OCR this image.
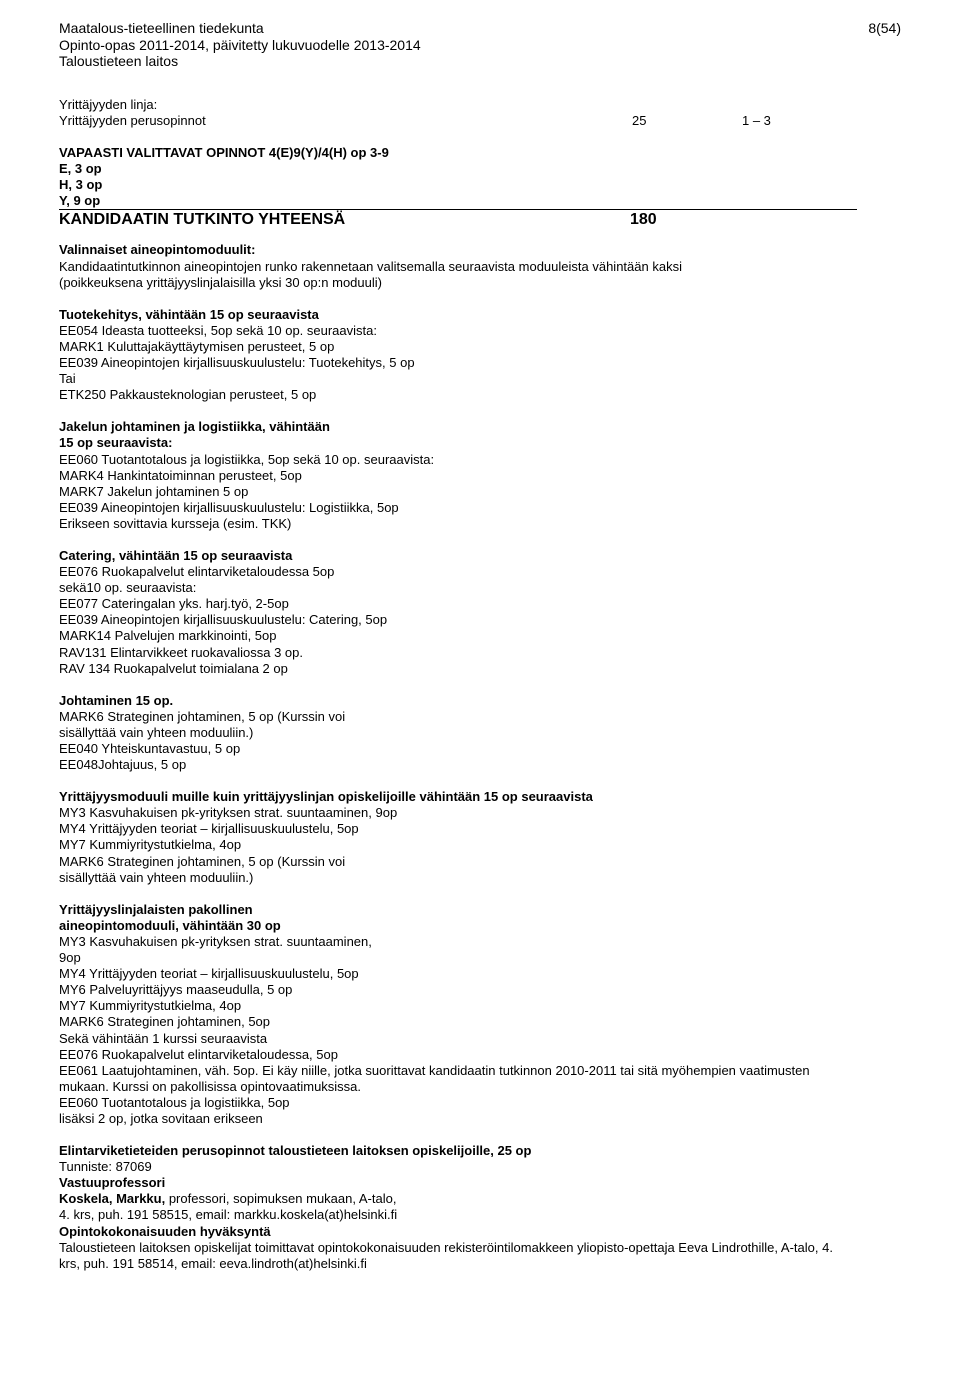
Maatalous-tieteellinen tiedekunta
Opinto-opas 2011-2014, päivitetty lukuvuodelle 2013-2014
Taloustieteen laitos
8(54)
Yrittäjyyden linja:
Yrittäjyyden perusopinnot	25	1 – 3
VAPAASTI VALITTAVAT OPINNOT 4(E)9(Y)/4(H) op 3-9
E, 3 op
H, 3 op
Y, 9 op
KANDIDAATIN TUTKINTO YHTEENSÄ	180
Valinnaiset aineopintomoduulit:
Kandidaatintutkinnon aineopintojen runko rakennetaan valitsemalla seuraavista moduuleista vähintään kaksi
(poikkeuksena yrittäjyyslinjalaisilla yksi 30 op:n moduuli)
Tuotekehitys, vähintään 15 op seuraavista
EE054 Ideasta tuotteeksi, 5op sekä 10 op. seuraavista:
MARK1 Kuluttajakäyttäytymisen perusteet, 5 op
EE039 Aineopintojen kirjallisuuskuulustelu: Tuotekehitys, 5 op
Tai
ETK250 Pakkausteknologian perusteet, 5 op
Jakelun johtaminen ja logistiikka, vähintään
15 op seuraavista:
EE060 Tuotantotalous ja logistiikka, 5op sekä 10 op. seuraavista:
MARK4 Hankintatoiminnan perusteet, 5op
MARK7 Jakelun johtaminen 5 op
EE039 Aineopintojen kirjallisuuskuulustelu: Logistiikka, 5op
Erikseen sovittavia kursseja (esim. TKK)
Catering, vähintään 15 op seuraavista
EE076 Ruokapalvelut elintarviketaloudessa 5op
sekä10 op. seuraavista:
EE077 Cateringalan yks. harj.työ, 2-5op
EE039 Aineopintojen kirjallisuuskuulustelu: Catering, 5op
MARK14 Palvelujen markkinointi, 5op
RAV131 Elintarvikkeet ruokavaliossa 3 op.
RAV 134 Ruokapalvelut toimialana 2 op
Johtaminen 15 op.
MARK6 Strateginen johtaminen, 5 op (Kurssin voi
sisällyttää vain yhteen moduuliin.)
EE040 Yhteiskuntavastuu, 5 op
EE048Johtajuus, 5 op
Yrittäjyysmoduuli muille kuin yrittäjyyslinjan opiskelijoille vähintään 15 op seuraavista
MY3 Kasvuhakuisen pk-yrityksen strat. suuntaaminen, 9op
MY4 Yrittäjyyden teoriat – kirjallisuuskuulustelu, 5op
MY7 Kummiyritystutkielma, 4op
MARK6 Strateginen johtaminen, 5 op (Kurssin voi
sisällyttää vain yhteen moduuliin.)
Yrittäjyyslinjalaisten pakollinen
aineopintomoduuli, vähintään 30 op
MY3 Kasvuhakuisen pk-yrityksen strat. suuntaaminen,
9op
MY4 Yrittäjyyden teoriat – kirjallisuuskuulustelu, 5op
MY6 Palveluyrittäjyys maaseudulla, 5 op
MY7 Kummiyritystutkielma, 4op
MARK6 Strateginen johtaminen, 5op
Sekä vähintään 1 kurssi seuraavista
EE076 Ruokapalvelut elintarviketaloudessa, 5op
EE061 Laatujohtaminen, väh. 5op. Ei käy niille, jotka suorittavat kandidaatin tutkinnon 2010-2011 tai sitä myöhempien vaatimusten
mukaan. Kurssi on pakollisissa opintovaatimuksissa.
EE060 Tuotantotalous ja logistiikka, 5op
lisäksi 2 op, jotka sovitaan erikseen
Elintarviketieteiden perusopinnot taloustieteen laitoksen opiskelijoille, 25 op
Tunniste: 87069
Vastuuprofessori
Koskela, Markku, professori, sopimuksen mukaan, A-talo,
4. krs, puh. 191 58515, email: markku.koskela(at)helsinki.fi
Opintokokonaisuuden hyväksyntä
Taloustieteen laitoksen opiskelijat toimittavat opintokokonaisuuden rekisteröintilomakkeen yliopisto-opettaja Eeva Lindrothille, A-talo, 4.
krs, puh. 191 58514, email: eeva.lindroth(at)helsinki.fi
